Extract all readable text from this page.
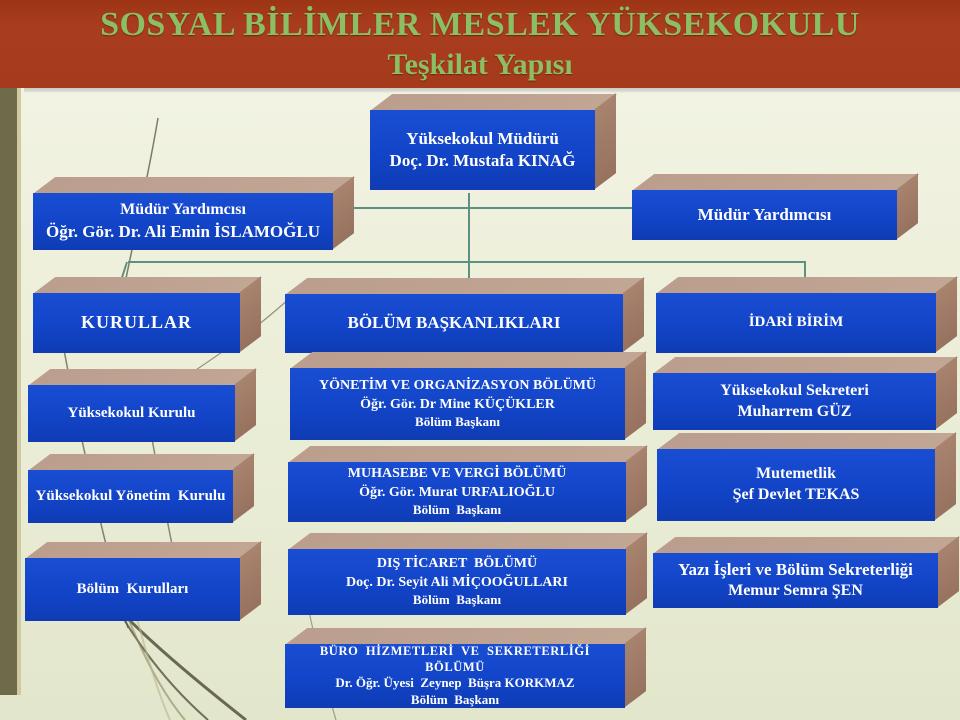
SOSYAL BİLİMLER MESLEK YÜKSEKOKULU
Teşkilat Yapısı
Yüksekokul Müdürü
Doç. Dr. Mustafa KINAĞ
Müdür Yardımcısı
Öğr. Gör. Dr. Ali Emin İSLAMOĞLU
Müdür Yardımcısı
KURULLAR
Yüksekokul Kurulu
Yüksekokul Yönetim  Kurulu
Bölüm  Kurulları
BÖLÜM BAŞKANLIKLARI
YÖNETİM VE ORGANİZASYON BÖLÜMÜ
Öğr. Gör. Dr Mine KÜÇÜKLER
Bölüm Başkanı
MUHASEBE VE VERGİ BÖLÜMÜ
Öğr. Gör. Murat URFALIOĞLU
Bölüm  Başkanı
DIŞ TİCARET  BÖLÜMÜ
Doç. Dr. Seyit Ali MİÇOOĞULLARI
Bölüm  Başkanı
BÜRO  HİZMETLERİ  VE  SEKRETERLİĞİ BÖLÜMÜ
Dr. Öğr. Üyesi  Zeynep  Büşra KORKMAZ
Bölüm  Başkanı
İDARİ BİRİM
Yüksekokul Sekreteri
Muharrem GÜZ
Mutemetlik
Şef Devlet TEKAS
Yazı İşleri ve Bölüm Sekreterliği
Memur Semra ŞEN
